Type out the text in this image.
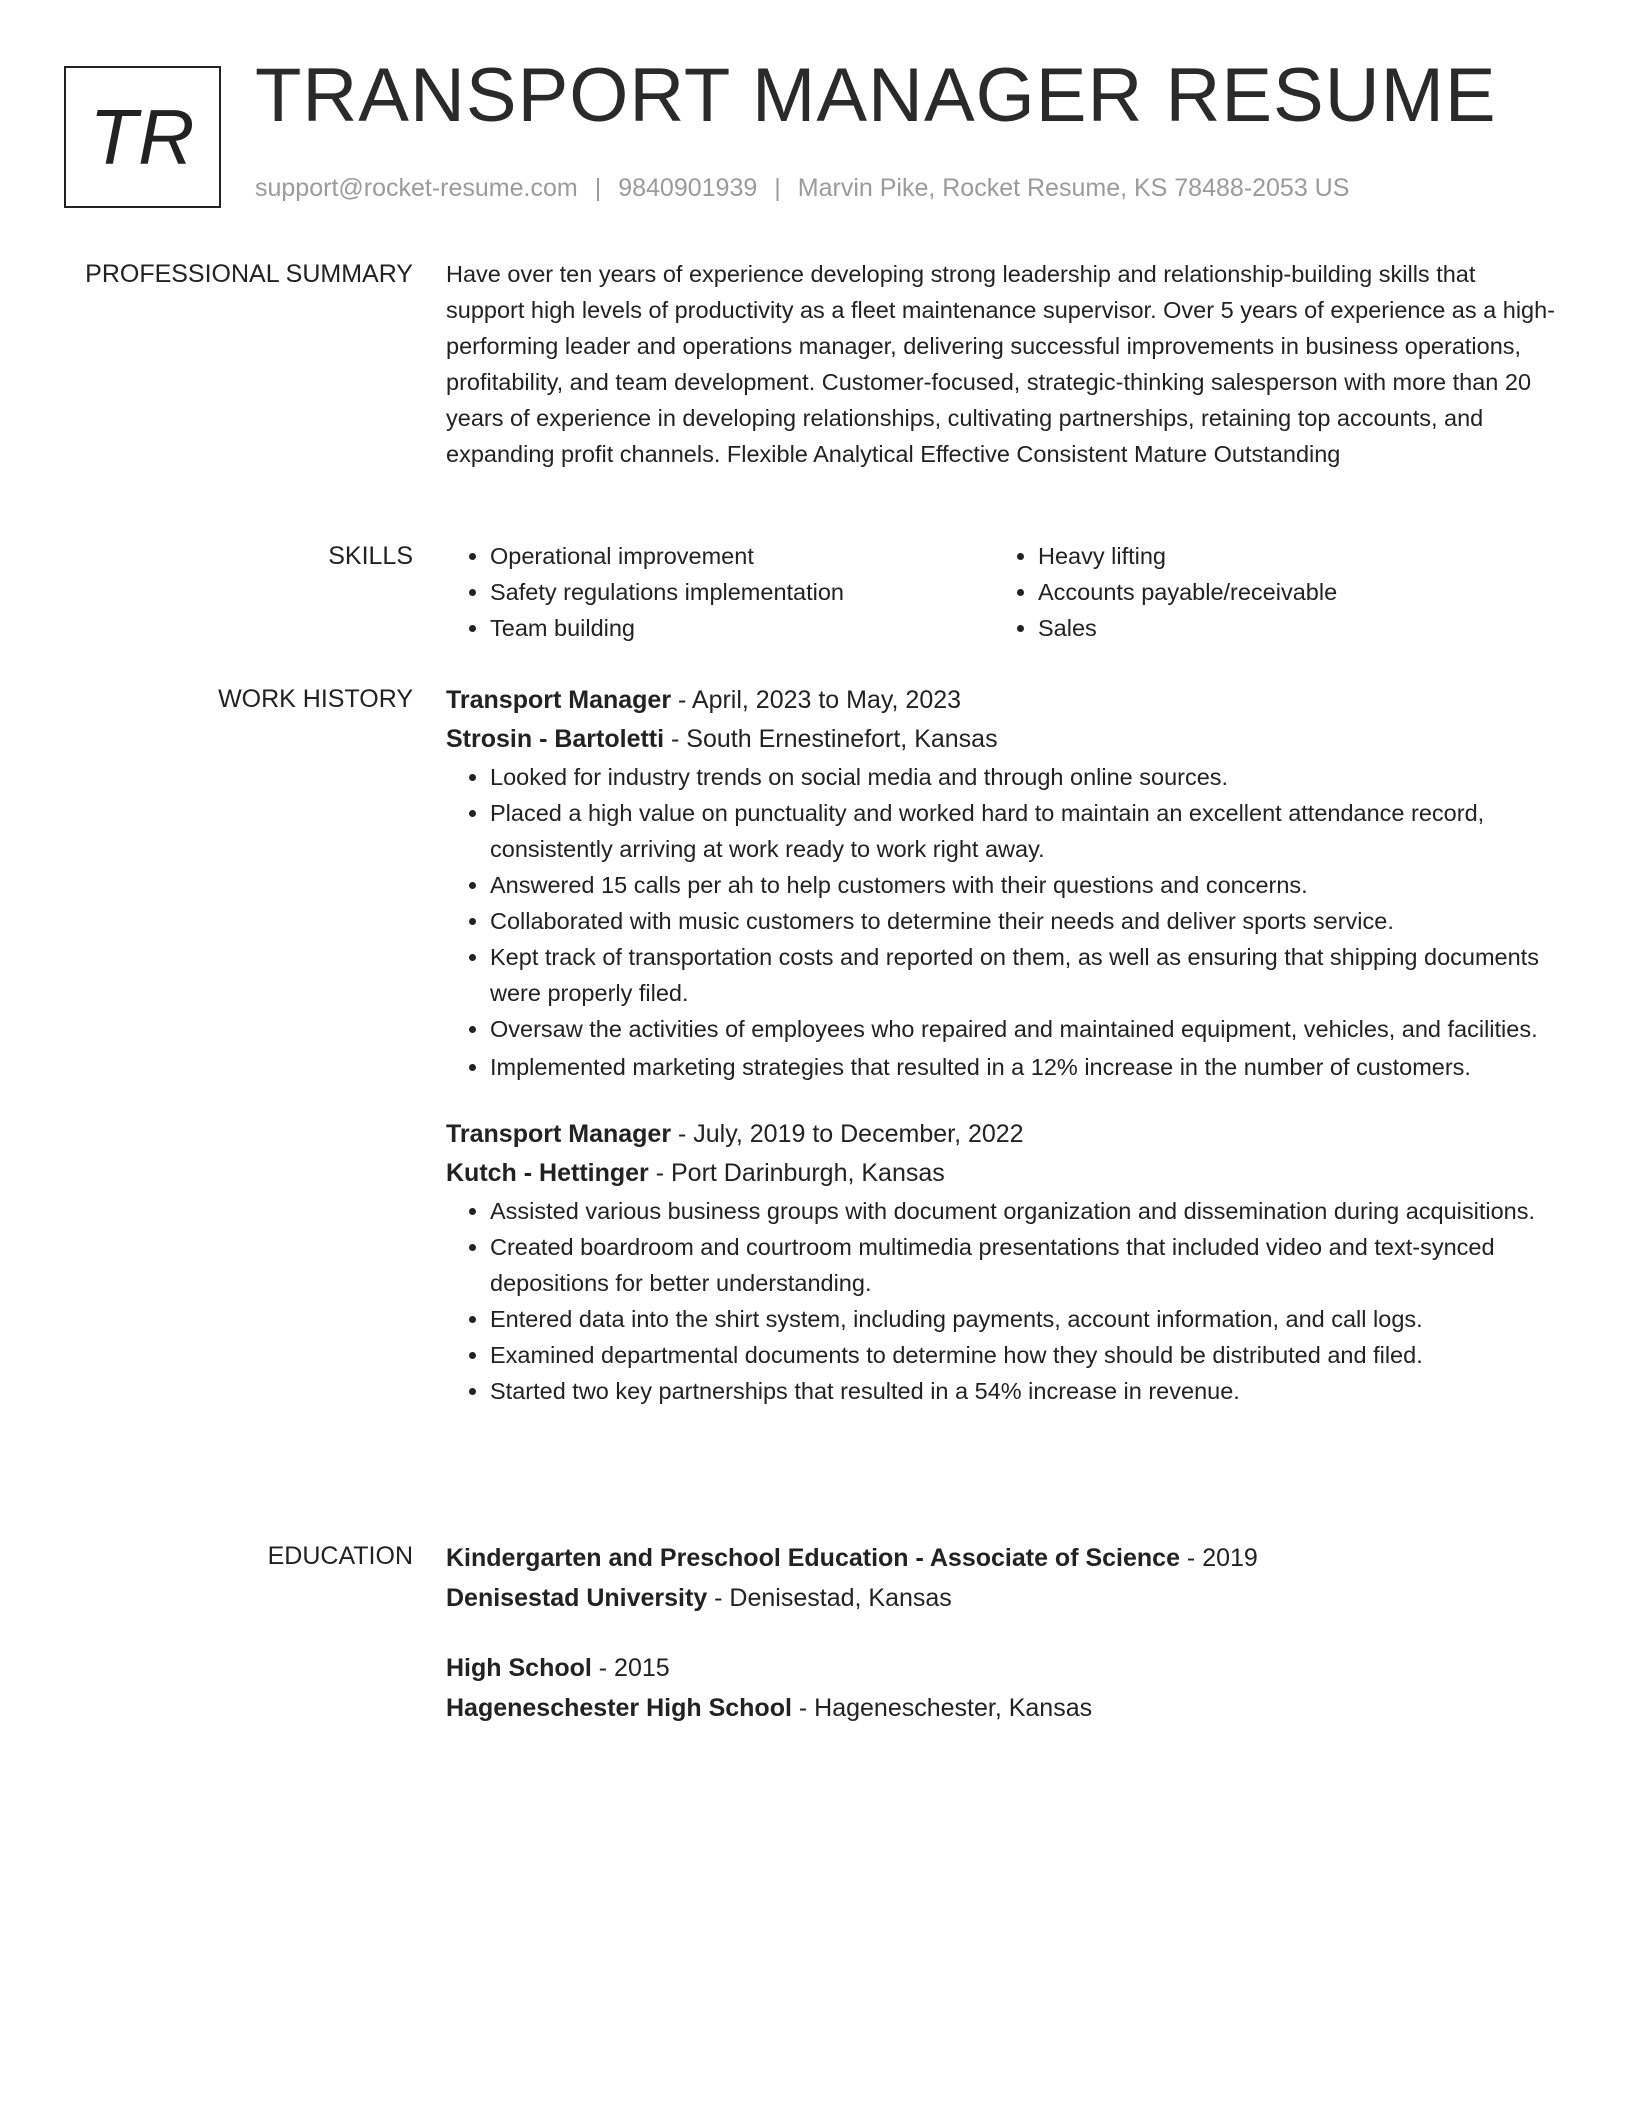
TR TRANSPORT MANAGER RESUME
support@rocket-resume.com | 9840901939 | Marvin Pike, Rocket Resume, KS 78488-2053 US
PROFESSIONAL SUMMARY Have over ten years of experience developing strong leadership and relationship-building skills that support high levels of productivity as a fleet maintenance supervisor. Over 5 years of experience as a high-performing leader and operations manager, delivering successful improvements in business operations, profitability, and team development. Customer-focused, strategic-thinking salesperson with more than 20 years of experience in developing relationships, cultivating partnerships, retaining top accounts, and expanding profit channels. Flexible Analytical Effective Consistent Mature Outstanding

SKILLS
•	Operational improvement
• Safety regulations implementation
• Team building
• Heavy lifting
• Accounts payable/receivable
• Sales
WORK HISTORY Transport Manager - April, 2023 to May, 2023
Strosin - Bartoletti - South Ernestinefort, Kansas
• Looked for industry trends on social media and through online sources.
• Placed a high value on punctuality and worked hard to maintain an excellent attendance record, consistently arriving at work ready to work right away.
• Answered 15 calls per ah to help customers with their questions and concerns.
• Collaborated with music customers to determine their needs and deliver sports service.
• Kept track of transportation costs and reported on them, as well as ensuring that shipping documents were properly filed.
• Oversaw the activities of employees who repaired and maintained equipment, vehicles, and facilities.
• Implemented marketing strategies that resulted in a 12% increase in the number of customers.
Transport Manager - July, 2019 to December, 2022
Kutch - Hettinger - Port Darinburgh, Kansas
• Assisted various business groups with document organization and dissemination during acquisitions.
• Created boardroom and courtroom multimedia presentations that included video and text-synced depositions for better understanding.
• Entered data into the shirt system, including payments, account information, and call logs.
• Examined departmental documents to determine how they should be distributed and filed.
• Started two key partnerships that resulted in a 54% increase in revenue.
EDUCATION Kindergarten and Preschool Education - Associate of Science - 2019
Denisestad University - Denisestad, Kansas
High School - 2015
Hageneschester High School - Hageneschester, Kansas
